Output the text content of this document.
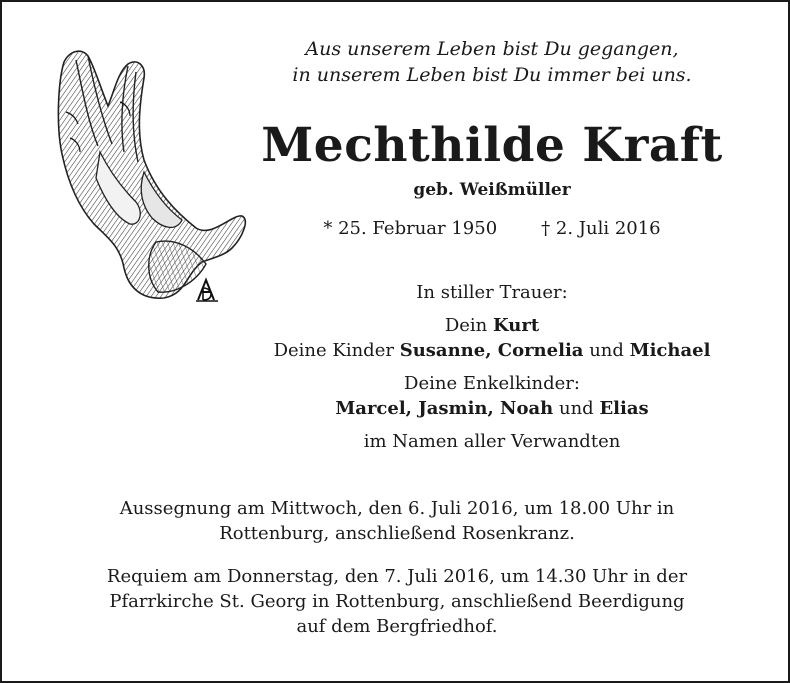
Aus unserem Leben bist Du gegangen,
in unserem Leben bist Du immer bei uns.
Mechthilde Kraft
geb. Weißmüller
* 25. Februar 1950 † 2. Juli 2016
In stiller Trauer:
Dein Kurt
Deine Kinder Susanne, Cornelia und Michael
Deine Enkelkinder:
Marcel, Jasmin, Noah und Elias
im Namen aller Verwandten
Aussegnung am Mittwoch, den 6. Juli 2016, um 18.00 Uhr in
Rottenburg, anschließend Rosenkranz.
Requiem am Donnerstag, den 7. Juli 2016, um 14.30 Uhr in der
Pfarrkirche St. Georg in Rottenburg, anschließend Beerdigung
auf dem Bergfriedhof.
